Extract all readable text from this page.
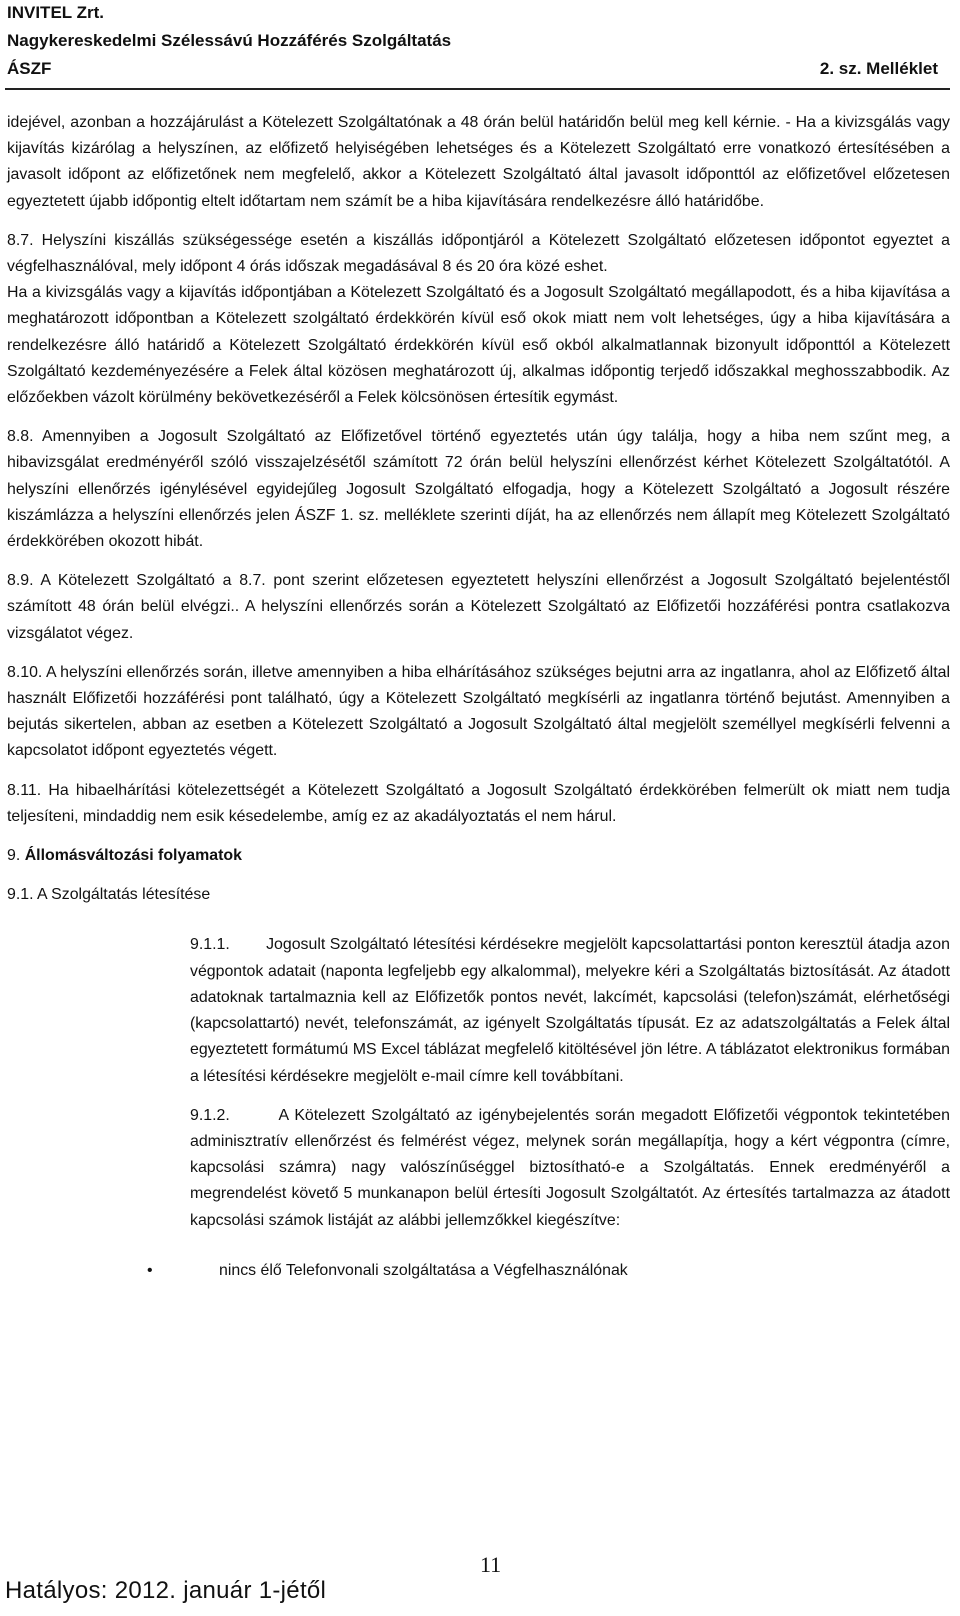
INVITEL Zrt.
Nagykereskedelmi Szélessávú Hozzáférés Szolgáltatás
ÁSZF	2. sz. Melléklet

idejével, azonban a hozzájárulást a Kötelezett Szolgáltatónak a 48 órán belül határidőn belül meg kell kérnie. - Ha a kivizsgálás vagy kijavítás kizárólag a helyszínen, az előfizető helyiségében lehetséges és a Kötelezett Szolgáltató erre vonatkozó értesítésében a javasolt időpont az előfizetőnek nem megfelelő, akkor a Kötelezett Szolgáltató által javasolt időponttól az előfizetővel előzetesen egyeztetett újabb időpontig eltelt időtartam nem számít be a hiba kijavítására rendelkezésre álló határidőbe.

8.7. Helyszíni kiszállás szükségessége esetén a kiszállás időpontjáról a Kötelezett Szolgáltató előzetesen időpontot egyeztet a végfelhasználóval, mely időpont 4 órás időszak megadásával 8 és 20 óra közé eshet.

Ha a kivizsgálás vagy a kijavítás időpontjában a Kötelezett Szolgáltató és a Jogosult Szolgáltató megállapodott, és a hiba kijavítása a meghatározott időpontban a Kötelezett szolgáltató érdekkörén kívül eső okok miatt nem volt lehetséges, úgy a hiba kijavítására a rendelkezésre álló határidő a Kötelezett Szolgáltató érdekkörén kívül eső okból alkalmatlannak bizonyult időponttól a Kötelezett Szolgáltató kezdeményezésére a Felek által közösen meghatározott új, alkalmas időpontig terjedő időszakkal meghosszabbodik. Az előzőekben vázolt körülmény bekövetkezéséről a Felek kölcsönösen értesítik egymást.

8.8. Amennyiben a Jogosult Szolgáltató az Előfizetővel történő egyeztetés után úgy találja, hogy a hiba nem szűnt meg, a hibavizsgálat eredményéről szóló visszajelzésétől számított 72 órán belül helyszíni ellenőrzést kérhet Kötelezett Szolgáltatótól. A helyszíni ellenőrzés igénylésével egyidejűleg Jogosult Szolgáltató elfogadja, hogy a Kötelezett Szolgáltató a Jogosult részére kiszámlázza a helyszíni ellenőrzés jelen ÁSZF 1. sz. melléklete szerinti díját, ha az ellenőrzés nem állapít meg Kötelezett Szolgáltató érdekkörében okozott hibát.

8.9. A Kötelezett Szolgáltató a 8.7. pont szerint előzetesen egyeztetett helyszíni ellenőrzést a Jogosult Szolgáltató bejelentéstől számított 48 órán belül elvégzi.. A helyszíni ellenőrzés során a Kötelezett Szolgáltató az Előfizetői hozzáférési pontra csatlakozva vizsgálatot végez.

8.10. A helyszíni ellenőrzés során, illetve amennyiben a hiba elhárításához szükséges bejutni arra az ingatlanra, ahol az Előfizető által használt Előfizetői hozzáférési pont található, úgy a Kötelezett Szolgáltató megkísérli az ingatlanra történő bejutást. Amennyiben a bejutás sikertelen, abban az esetben a Kötelezett Szolgáltató a Jogosult Szolgáltató által megjelölt személlyel megkísérli felvenni a kapcsolatot időpont egyeztetés végett.

8.11. Ha hibaelhárítási kötelezettségét a Kötelezett Szolgáltató a Jogosult Szolgáltató érdekkörében felmerült ok miatt nem tudja teljesíteni, mindaddig nem esik késedelembe, amíg ez az akadályoztatás el nem hárul.

9. Állomásváltozási folyamatok

9.1. A Szolgáltatás létesítése

9.1.1. Jogosult Szolgáltató létesítési kérdésekre megjelölt kapcsolattartási ponton keresztül átadja azon végpontok adatait (naponta legfeljebb egy alkalommal), melyekre kéri a Szolgáltatás biztosítását. Az átadott adatoknak tartalmaznia kell az Előfizetők pontos nevét, lakcímét, kapcsolási (telefon)számát, elérhetőségi (kapcsolattartó) nevét, telefonszámát, az igényelt Szolgáltatás típusát. Ez az adatszolgáltatás a Felek által egyeztetett formátumú MS Excel táblázat megfelelő kitöltésével jön létre. A táblázatot elektronikus formában a létesítési kérdésekre megjelölt e-mail címre kell továbbítani.

9.1.2.	A Kötelezett Szolgáltató az igénybejelentés során megadott Előfizetői végpontok tekintetében adminisztratív ellenőrzést és felmérést végez, melynek során megállapítja, hogy a kért végpontra (címre, kapcsolási számra) nagy valószínűséggel biztosítható-e a Szolgáltatás. Ennek eredményéről a megrendelést követő 5 munkanapon belül értesíti Jogosult Szolgáltatót. Az értesítés tartalmazza az átadott kapcsolási számok listáját az alábbi jellemzőkkel kiegészítve:

•	nincs élő Telefonvonali szolgáltatása a Végfelhasználónak

11
Hatályos: 2012. január 1-jétől
